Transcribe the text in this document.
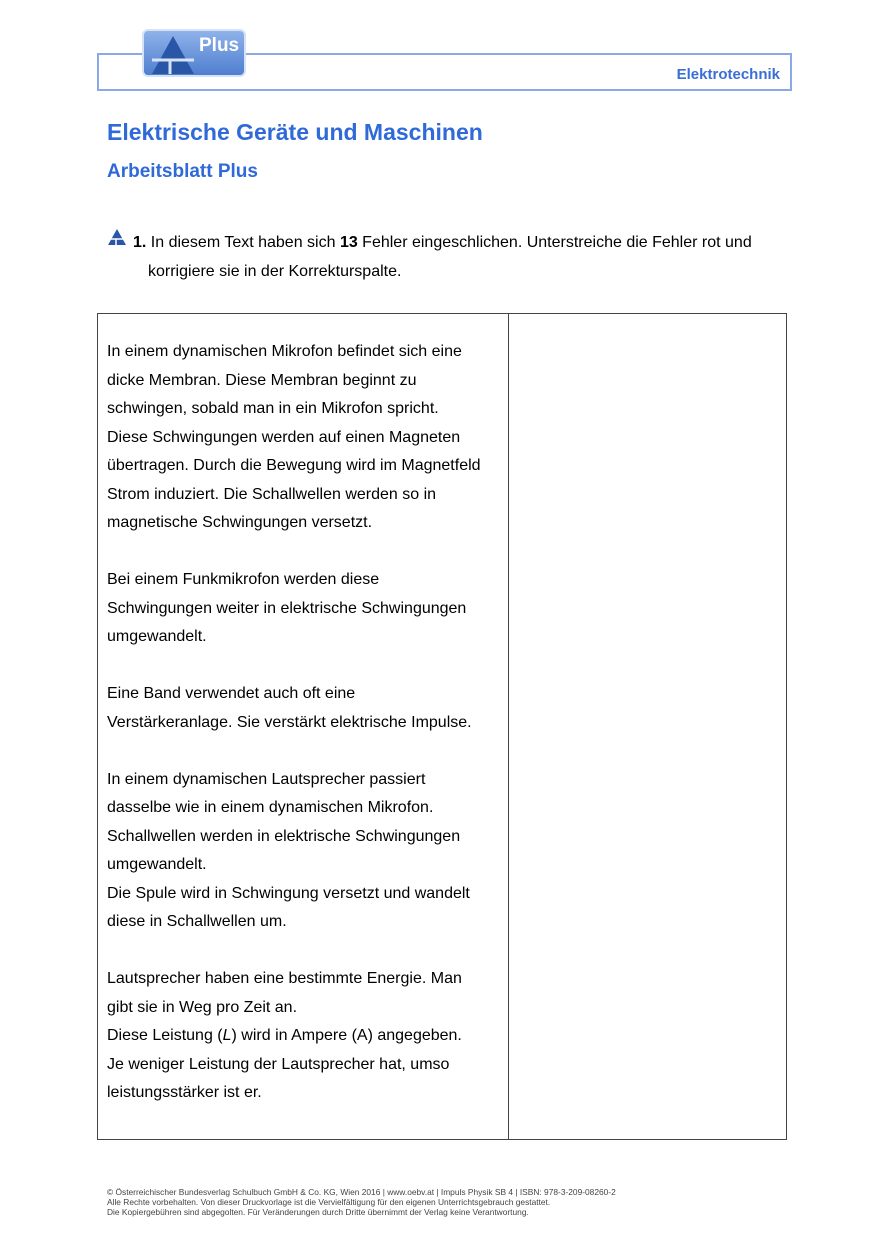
Elektrotechnik
Plus
Elektrische Geräte und Maschinen
Arbeitsblatt Plus
1. In diesem Text haben sich 13 Fehler eingeschlichen. Unterstreiche die Fehler rot und
korrigiere sie in der Korrekturspalte.

In einem dynamischen Mikrofon befindet sich eine

dicke Membran. Diese Membran beginnt zu

schwingen, sobald man in ein Mikrofon spricht.

Diese Schwingungen werden auf einen Magneten

übertragen. Durch die Bewegung wird im Magnetfeld

Strom induziert. Die Schallwellen werden so in

magnetische Schwingungen versetzt.

Bei einem Funkmikrofon werden diese

Schwingungen weiter in elektrische Schwingungen

umgewandelt.

Eine Band verwendet auch oft eine

Verstärkeranlage. Sie verstärkt elektrische Impulse.

In einem dynamischen Lautsprecher passiert

dasselbe wie in einem dynamischen Mikrofon.

Schallwellen werden in elektrische Schwingungen

umgewandelt.

Die Spule wird in Schwingung versetzt und wandelt

diese in Schallwellen um.

Lautsprecher haben eine bestimmte Energie. Man

gibt sie in Weg pro Zeit an.

Diese Leistung (L) wird in Ampere (A) angegeben.

Je weniger Leistung der Lautsprecher hat, umso

leistungsstärker ist er.

© Österreichischer Bundesverlag Schulbuch GmbH & Co. KG, Wien 2016 | www.oebv.at | Impuls Physik SB 4 | ISBN: 978-3-209-08260-2
Alle Rechte vorbehalten. Von dieser Druckvorlage ist die Vervielfältigung für den eigenen Unterrichtsgebrauch gestattet.
Die Kopiergebühren sind abgegolten. Für Veränderungen durch Dritte übernimmt der Verlag keine Verantwortung.
